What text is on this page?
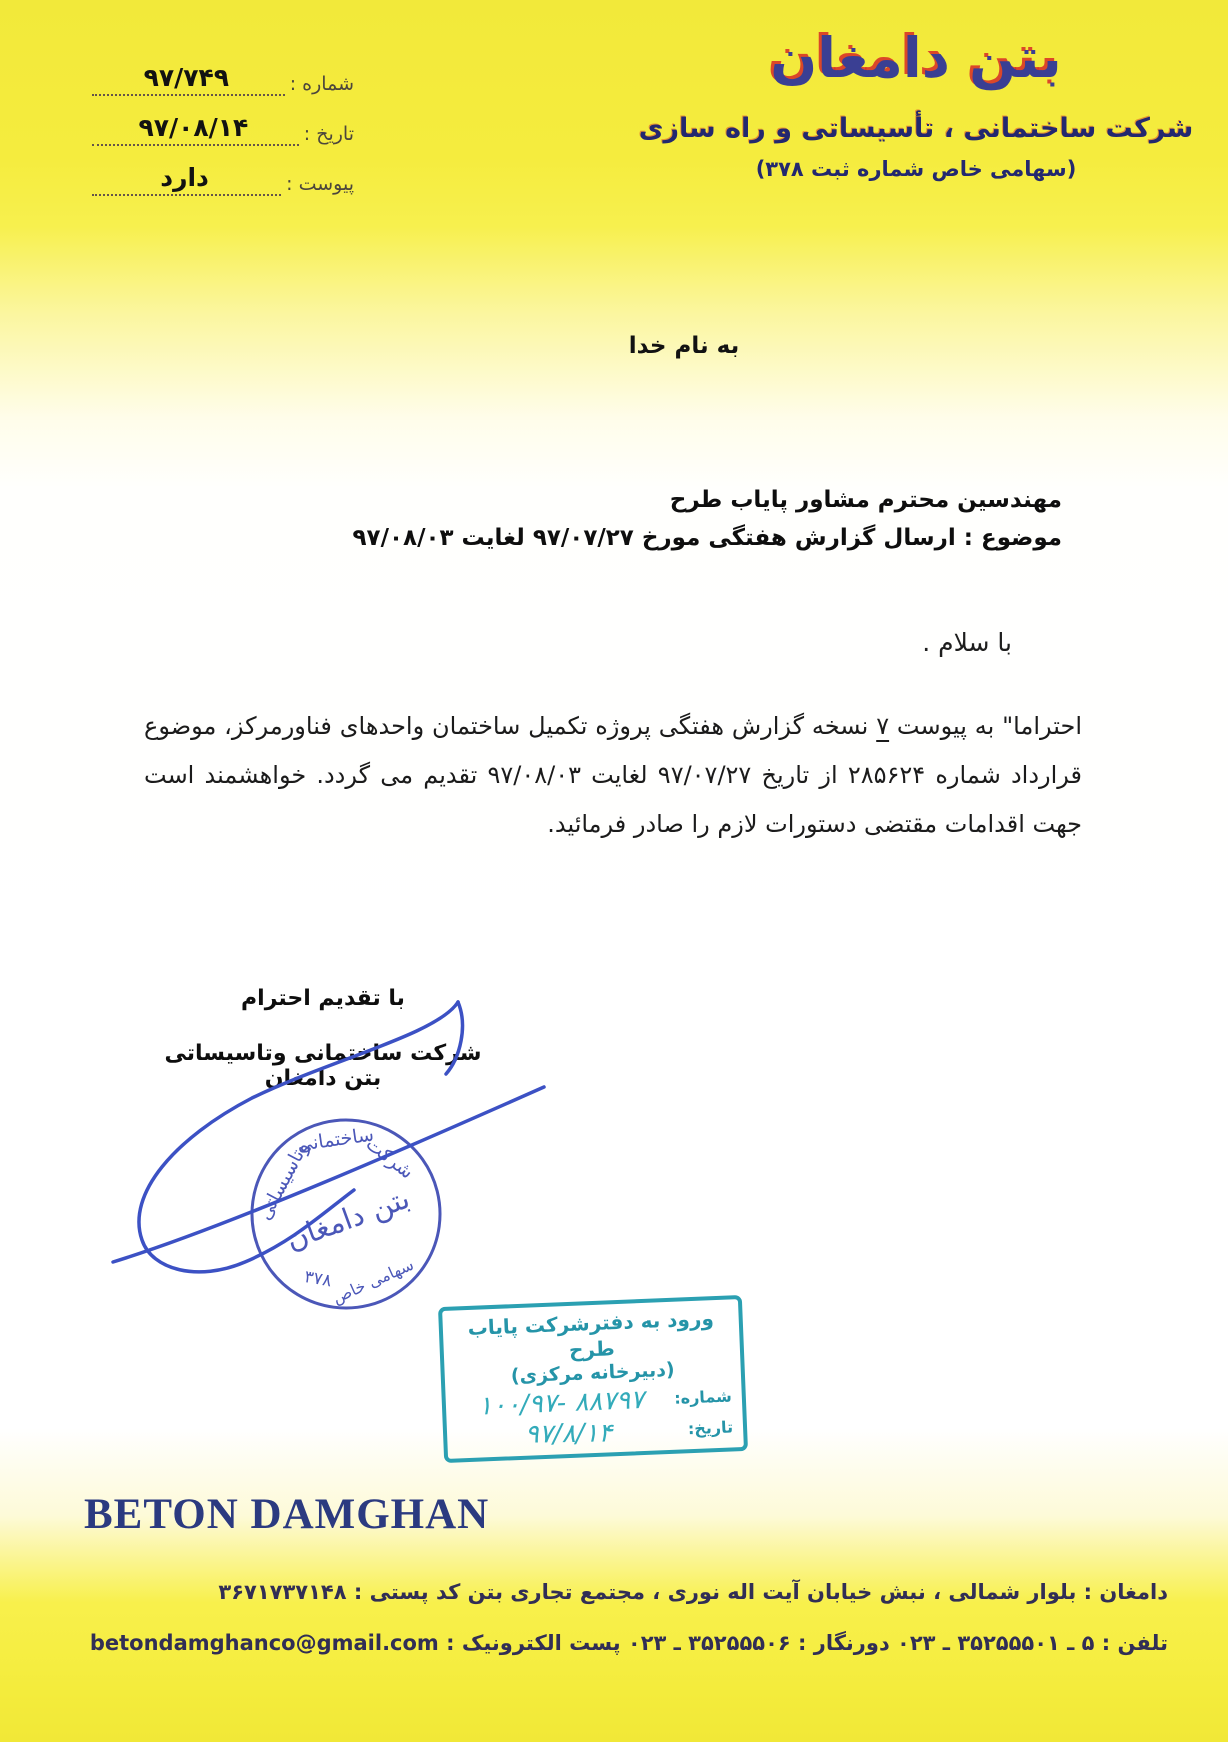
شماره :
۹۷/۷۴۹
تاریخ :
۹۷/۰۸/۱۴
پیوست :
دارد
بتن دامغان
شرکت ساختمانی ، تأسیساتی و راه سازی
(سهامی خاص شماره ثبت ۳۷۸)
به نام خدا
مهندسین محترم مشاور پایاب طرح
موضوع : ارسال گزارش هفتگی مورخ ۹۷/۰۷/۲۷ لغایت ۹۷/۰۸/۰۳
با سلام .

احتراما" به پیوست ۷ نسخه گزارش هفتگی پروژه تکمیل ساختمان واحدهای فناورمرکز، موضوع قرارداد شماره ۲۸۵۶۲۴ از تاریخ ۹۷/۰۷/۲۷ لغایت ۹۷/۰۸/۰۳ تقدیم می گردد. خواهشمند است جهت اقدامات مقتضی دستورات لازم را صادر فرمائید.

با تقدیم احترام
شرکت ساختمانی وتاسیساتی بتن دامغان
شرکت
ساختمانی
وتاسیساتی
بتن دامغان
۳۷۸
سهامی خاص
ورود به دفترشرکت پایاب طرح
(دبیرخانه مرکزی)
شماره:
۱۰۰/۹۷- ۸۸۷۹۷
تاریخ:
۹۷/۸/۱۴
BETON DAMGHAN
دامغان : بلوار شمالی ، نبش خیابان آیت اله نوری ، مجتمع تجاری بتن کد پستی : ۳۶۷۱۷۳۷۱۴۸
تلفن : ۵ ـ ۳۵۲۵۵۵۰۱ ـ ۰۲۳ دورنگار : ۳۵۲۵۵۵۰۶ ـ ۰۲۳ پست الکترونیک : betondamghanco@gmail.com
